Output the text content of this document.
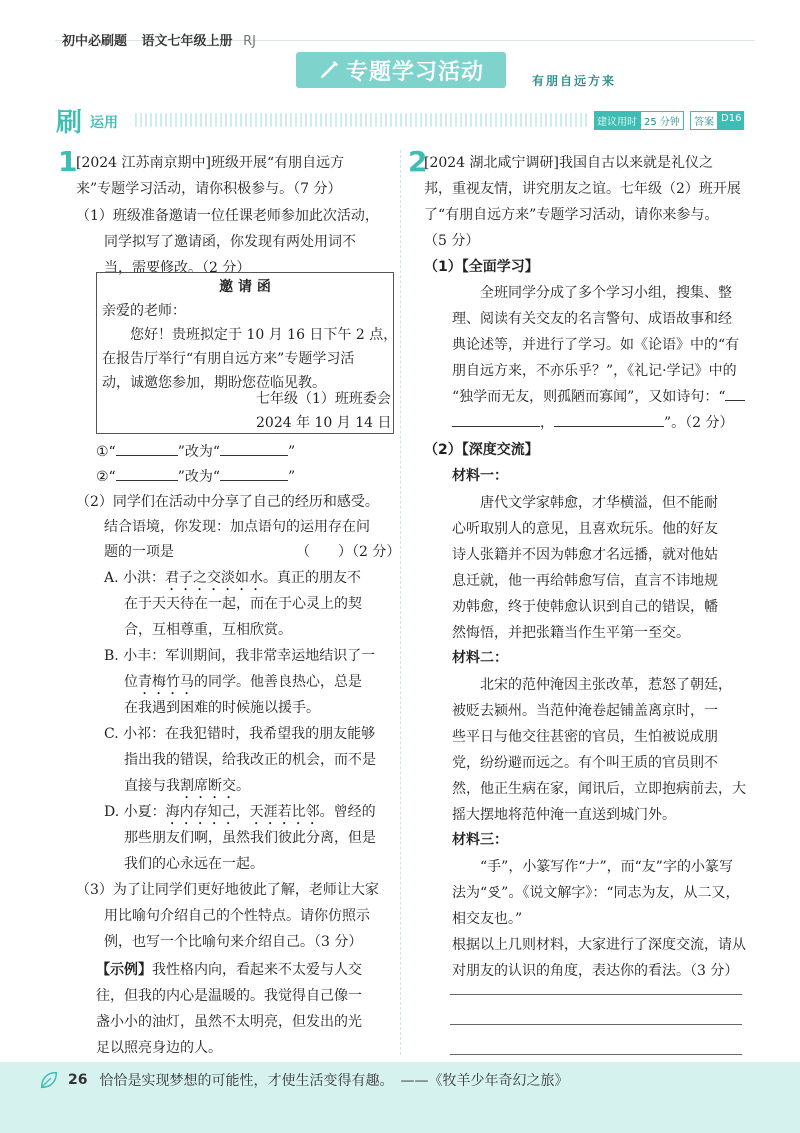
初中必刷题 语文七年级上册 RJ
专题学习活动	有朋自远方来
刷 运用	建议用时 25 分钟	答案 D16
1
[2024 江苏南京期中]班级开展“有朋自远方
来”专题学习活动，请你积极参与。（7 分）
（1）班级准备邀请一位任课老师参加此次活动，
同学拟写了邀请函，你发现有两处用词不
当，需要修改。（2 分）
邀 请 函
亲爱的老师：
您好！贵班拟定于 10 月 16 日下午 2 点，
在报告厅举行“有朋自远方来”专题学习活
动，诚邀您参加，期盼您莅临见教。
七年级（1）班班委会
2024 年 10 月 14 日
①“	”改为“	”
②“	”改为“	”
（2）同学们在活动中分享了自己的经历和感受。
结合语境，你发现：加点语句的运用存在问
题的一项是	（　　）（2 分）
A. 小洪：君子之交淡如水。真正的朋友不
在于天天待在一起，而在于心灵上的契
合，互相尊重，互相欣赏。
B. 小丰：军训期间，我非常幸运地结识了一
位青梅竹马的同学。他善良热心，总是
在我遇到困难的时候施以援手。
C. 小祁：在我犯错时，我希望我的朋友能够
指出我的错误，给我改正的机会，而不是
直接与我割席断交。
D. 小夏：海内存知己，天涯若比邻。曾经的
那些朋友们啊，虽然我们彼此分离，但是
我们的心永远在一起。
（3）为了让同学们更好地彼此了解，老师让大家
用比喻句介绍自己的个性特点。请你仿照示
例，也写一个比喻句来介绍自己。（3 分）
【示例】我性格内向，看起来不太爱与人交
往，但我的内心是温暖的。我觉得自己像一
盏小小的油灯，虽然不太明亮，但发出的光
足以照亮身边的人。
2
[2024 湖北咸宁调研]我国自古以来就是礼仪之
邦，重视友情，讲究朋友之谊。七年级（2）班开展
了“有朋自远方来”专题学习活动，请你来参与。
（5 分）
（1）【全面学习】
全班同学分成了多个学习小组，搜集、整
理、阅读有关交友的名言警句、成语故事和经
典论述等，并进行了学习。如《论语》中的“有
朋自远方来，不亦乐乎？”，《礼记·学记》中的
“独学而无友，则孤陋而寡闻”，又如诗句：“
，	”。（2 分）
（2）【深度交流】
材料一：
唐代文学家韩愈，才华横溢，但不能耐
心听取别人的意见，且喜欢玩乐。他的好友
诗人张籍并不因为韩愈才名远播，就对他姑
息迁就，他一再给韩愈写信，直言不讳地规
劝韩愈，终于使韩愈认识到自己的错误，幡
然悔悟，并把张籍当作生平第一至交。
材料二：
北宋的范仲淹因主张改革，惹怒了朝廷，
被贬去颍州。当范仲淹卷起铺盖离京时，一
些平日与他交往甚密的官员，生怕被说成朋
党，纷纷避而远之。有个叫王质的官员則不
然，他正生病在家，闻讯后，立即抱病前去，大
摇大摆地将范仲淹一直送到城门外。
材料三：
“手”，小篆写作“𠂇”，而“友”字的小篆写
法为“𠬪”。《说文解字》：“同志为友，从二又，
相交友也。”
根据以上几则材料，大家进行了深度交流，请从
对朋友的认识的角度，表达你的看法。（3 分）
26 恰恰是实现梦想的可能性，才使生活变得有趣。　——《牧羊少年奇幻之旅》
